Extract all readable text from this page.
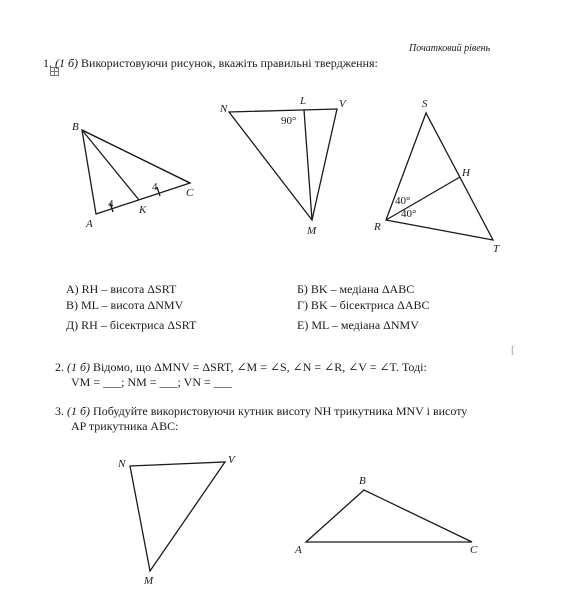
Початковий рівень
1. (1 б) Використовуючи рисунок, вкажіть правильні твердження:
B
A
C
K
4
4
N
L	V
M
90°
S
H
R
T
40°
40°
N	V
M
B
A	C
А) RH – висота ΔSRT	Б) BK – медіана ΔABC
В) ML – висота ΔNMV	Г) BK – бісектриса ΔABC
Д) RH – бісектриса ΔSRT	Е) ML – медіана ΔNMV
[
2. (1 б) Відомо, що ΔMNV = ΔSRT, ∠M = ∠S, ∠N = ∠R, ∠V = ∠T. Тоді:
VM = ___; NM = ___; VN = ___
3. (1 б) Побудуйте використовуючи кутник висоту NH трикутника MNV і висоту
AP трикутника ABC:
